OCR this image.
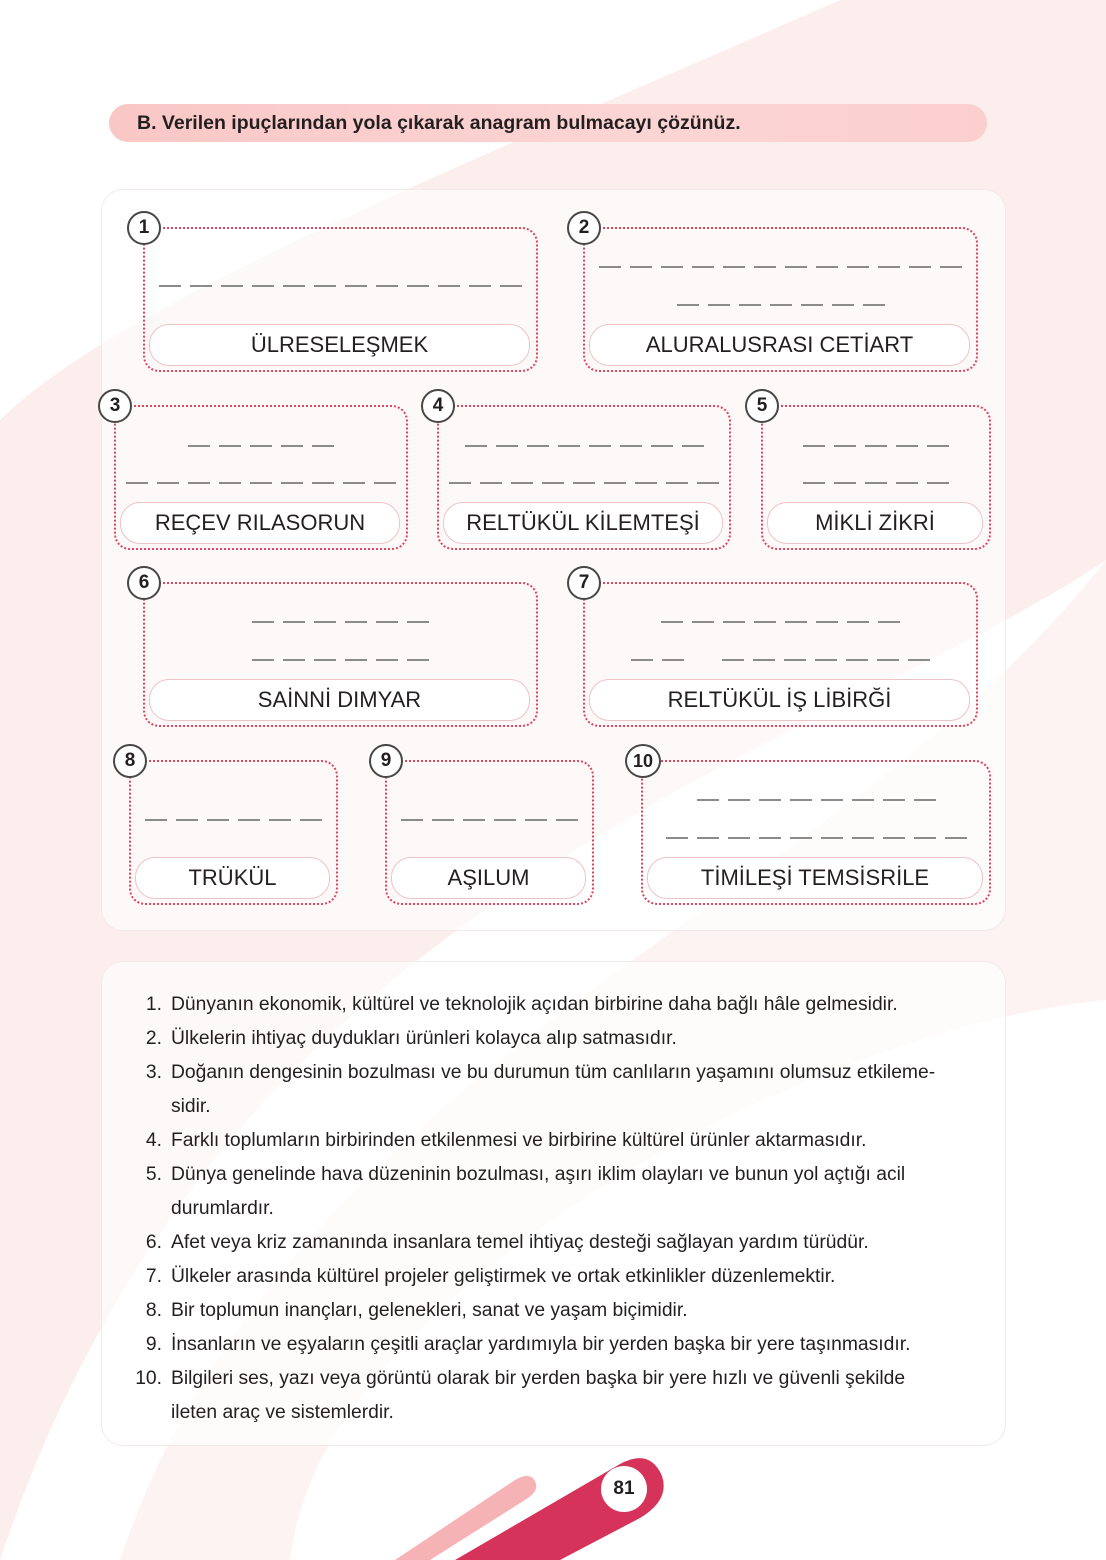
B. Verilen ipuçlarından yola çıkarak anagram bulmacayı çözünüz.
1
ÜLRESELEŞMEK
2
ALURALUSRASI CETİART
3
REÇEV RILASORUN
4
RELTÜKÜL KİLEMTEŞİ
5
MİKLİ ZİKRİ
6
SAİNNİ DIMYAR
7
RELTÜKÜL İŞ LİBİRĞİ
8
TRÜKÜL
9
AŞILUM
10
TİMİLEŞİ TEMSİSRİLE
1. Dünyanın ekonomik, kültürel ve teknolojik açıdan birbirine daha bağlı hâle gelmesidir.
2. Ülkelerin ihtiyaç duydukları ürünleri kolayca alıp satmasıdır.
3. Doğanın dengesinin bozulması ve bu durumun tüm canlıların yaşamını olumsuz etkileme-sidir.
4. Farklı toplumların birbirinden etkilenmesi ve birbirine kültürel ürünler aktarmasıdır.
5. Dünya genelinde hava düzeninin bozulması, aşırı iklim olayları ve bunun yol açtığı acil durumlardır.
6. Afet veya kriz zamanında insanlara temel ihtiyaç desteği sağlayan yardım türüdür.
7. Ülkeler arasında kültürel projeler geliştirmek ve ortak etkinlikler düzenlemektir.
8. Bir toplumun inançları, gelenekleri, sanat ve yaşam biçimidir.
9. İnsanların ve eşyaların çeşitli araçlar yardımıyla bir yerden başka bir yere taşınmasıdır.
10. Bilgileri ses, yazı veya görüntü olarak bir yerden başka bir yere hızlı ve güvenli şekilde ileten araç ve sistemlerdir.
81
